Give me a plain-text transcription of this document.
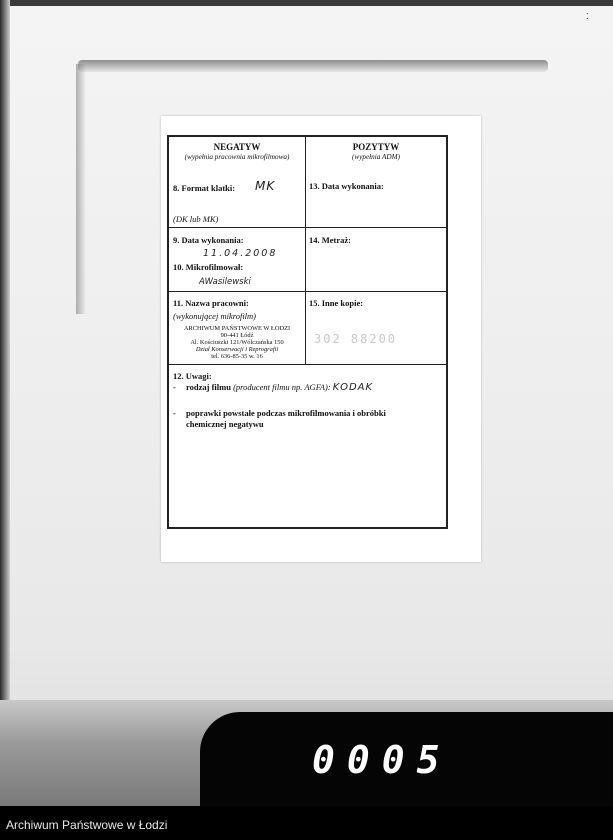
⁚
NEGATYW
(wypełnia pracownia mikrofilmowa)
8. Format klatki: MK
(DK lub MK)
POZYTYW
(wypełnia ADM)
13. Data wykonania:
9. Data wykonania:
11.04.2008
10. Mikrofilmował:
AWasilewski
14. Metraż:
11. Nazwa pracowni:
(wykonującej mikrofilm)
ARCHIWUM PAŃSTWOWE W ŁODZI
90-441 Łódź
Al. Kościuszki 121/Wólczańska 150
Dział Konserwacji i Reprografii
tel. 636-85-35 w. 16
15. Inne kopie:
302 88200
12. Uwagi:
- rodzaj filmu (producent filmu np. AGFA): KODAK
- poprawki powstałe podczas mikrofilmowania i obróbki
chemicznej negatywu
0005
Archiwum Państwowe w Łodzi
